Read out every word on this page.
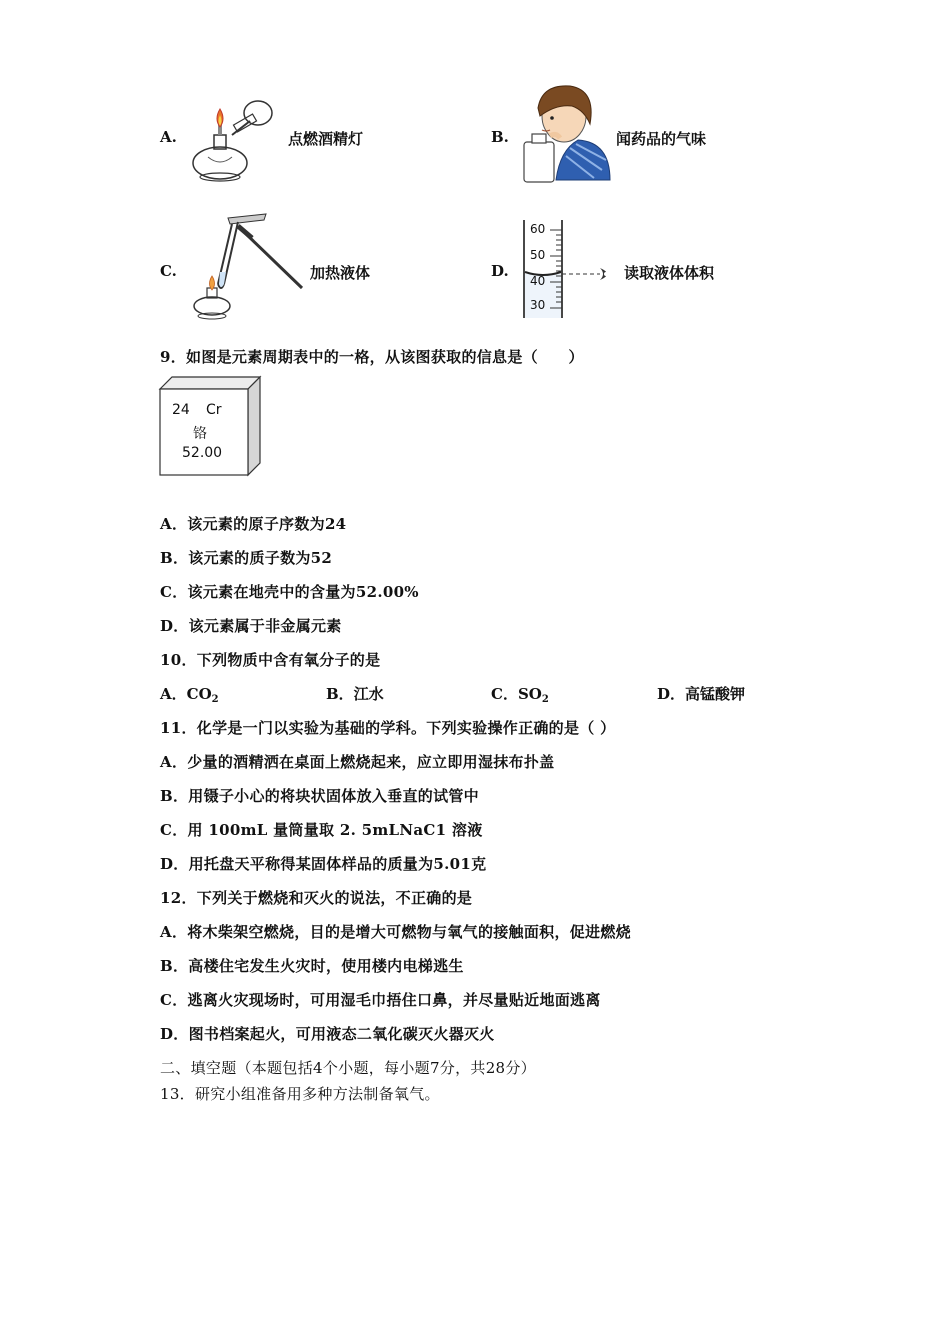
A.	点燃酒精灯	B.	闻药品的气味
C.	加热液体	D.
60
50
40
30
读取液体体积
9．如图是元素周期表中的一格，从该图获取的信息是（　　）
24 Cr
铬
52.00
A．该元素的原子序数为24
B．该元素的质子数为52
C．该元素在地壳中的含量为52.00%
D．该元素属于非金属元素
10．下列物质中含有氧分子的是
A．$CO_2$	B．江水	C．$SO_2$	D．高锰酸钾
11．化学是一门以实验为基础的学科。下列实验操作正确的是（ ）
A．少量的酒精洒在桌面上燃烧起来，应立即用湿抹布扑盖
B．用镊子小心的将块状固体放入垂直的试管中
C．用 100mL 量筒量取 2. 5mLNaC1 溶液
D．用托盘天平称得某固体样品的质量为5.01克
12．下列关于燃烧和灭火的说法，不正确的是
A．将木柴架空燃烧，目的是增大可燃物与氧气的接触面积，促进燃烧
B．高楼住宅发生火灾时，使用楼内电梯逃生
C．逃离火灾现场时，可用湿毛巾捂住口鼻，并尽量贴近地面逃离
D．图书档案起火，可用液态二氧化碳灭火器灭火
二、填空题（本题包括4个小题，每小题7分，共28分）
13．研究小组准备用多种方法制备氧气。
